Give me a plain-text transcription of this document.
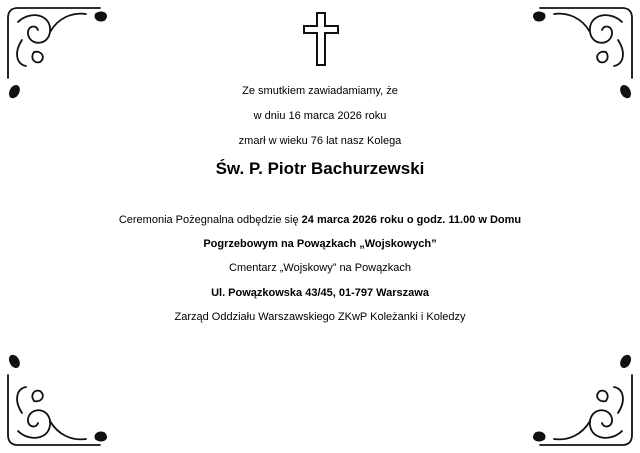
Ze smutkiem zawiadamiamy, że
w dniu 16 marca 2026 roku
zmarł w wieku 76 lat nasz Kolega
Św. P. Piotr Bachurzewski
Ceremonia Pożegnalna odbędzie się 24 marca 2026 roku o godz. 11.00 w Domu
Pogrzebowym na Powązkach „Wojskowych”
Cmentarz „Wojskowy” na Powązkach
Ul. Powązkowska 43/45, 01-797 Warszawa
Zarząd Oddziału Warszawskiego ZKwP Koleżanki i Koledzy
